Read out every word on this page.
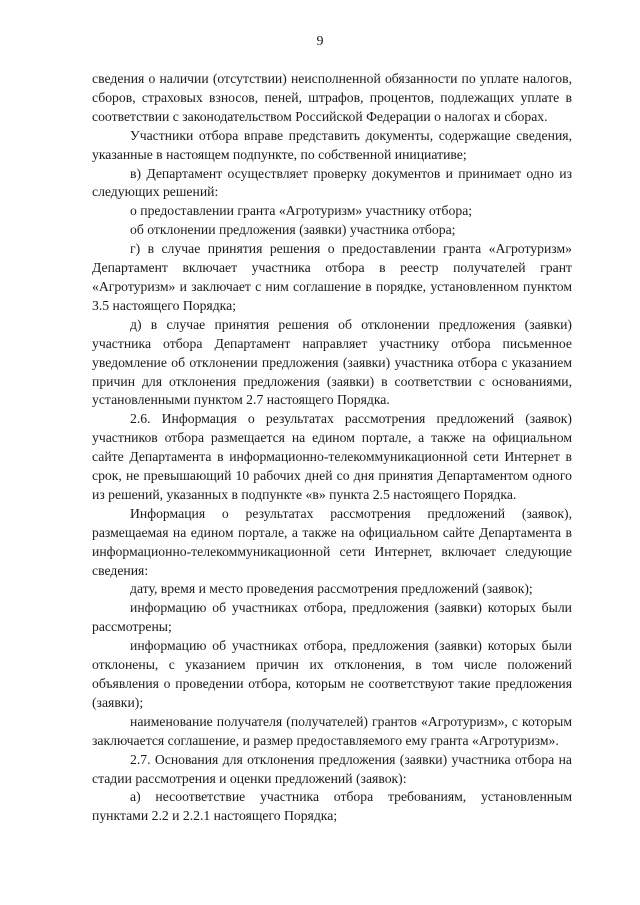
9

сведения о наличии (отсутствии) неисполненной обязанности по уплате налогов, сборов, страховых взносов, пеней, штрафов, процентов, подлежащих уплате в соответствии с законодательством Российской Федерации о налогах и сборах.

Участники отбора вправе представить документы, содержащие сведения, указанные в настоящем подпункте, по собственной инициативе;

в) Департамент осуществляет проверку документов и принимает одно из следующих решений:

о предоставлении гранта «Агротуризм» участнику отбора;

об отклонении предложения (заявки) участника отбора;

г) в случае принятия решения о предоставлении гранта «Агротуризм» Департамент включает участника отбора в реестр получателей грант «Агротуризм» и заключает с ним соглашение в порядке, установленном пунктом 3.5 настоящего Порядка;

д) в случае принятия решения об отклонении предложения (заявки) участника отбора Департамент направляет участнику отбора письменное уведомление об отклонении предложения (заявки) участника отбора с указанием причин для отклонения предложения (заявки) в соответствии с основаниями, установленными пунктом 2.7 настоящего Порядка.

2.6. Информация о результатах рассмотрения предложений (заявок) участников отбора размещается на едином портале, а также на официальном сайте Департамента в информационно-телекоммуникационной сети Интернет в срок, не превышающий 10 рабочих дней со дня принятия Департаментом одного из решений, указанных в подпункте «в» пункта 2.5 настоящего Порядка.

Информация о результатах рассмотрения предложений (заявок), размещаемая на едином портале, а также на официальном сайте Департамента в информационно-телекоммуникационной сети Интернет, включает следующие сведения:

дату, время и место проведения рассмотрения предложений (заявок);

информацию об участниках отбора, предложения (заявки) которых были рассмотрены;

информацию об участниках отбора, предложения (заявки) которых были отклонены, с указанием причин их отклонения, в том числе положений объявления о проведении отбора, которым не соответствуют такие предложения (заявки);

наименование получателя (получателей) грантов «Агротуризм», с которым заключается соглашение, и размер предоставляемого ему гранта «Агротуризм».

2.7. Основания для отклонения предложения (заявки) участника отбора на стадии рассмотрения и оценки предложений (заявок):

а) несоответствие участника отбора требованиям, установленным пунктами 2.2 и 2.2.1 настоящего Порядка;
